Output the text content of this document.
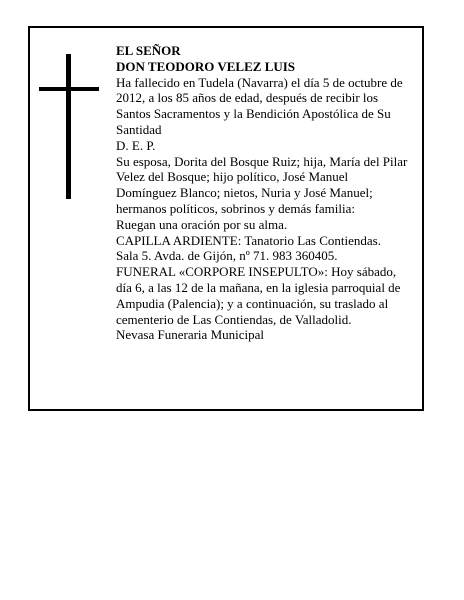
EL SEÑOR
DON TEODORO VELEZ LUIS
Ha fallecido en Tudela (Navarra) el día 5 de octubre de
2012, a los 85 años de edad, después de recibir los
Santos Sacramentos y la Bendición Apostólica de Su
Santidad
D. E. P.
Su esposa, Dorita del Bosque Ruiz; hija, María del Pilar
Velez del Bosque; hijo político, José Manuel
Domínguez Blanco; nietos, Nuria y José Manuel;
hermanos políticos, sobrinos y demás familia:
Ruegan una oración por su alma.
CAPILLA ARDIENTE: Tanatorio Las Contiendas.
Sala 5. Avda. de Gijón, nº 71. 983 360405.
FUNERAL «CORPORE INSEPULTO»: Hoy sábado,
día 6, a las 12 de la mañana, en la iglesia parroquial de
Ampudia (Palencia); y a continuación, su traslado al
cementerio de Las Contiendas, de Valladolid.
Nevasa Funeraria Municipal
